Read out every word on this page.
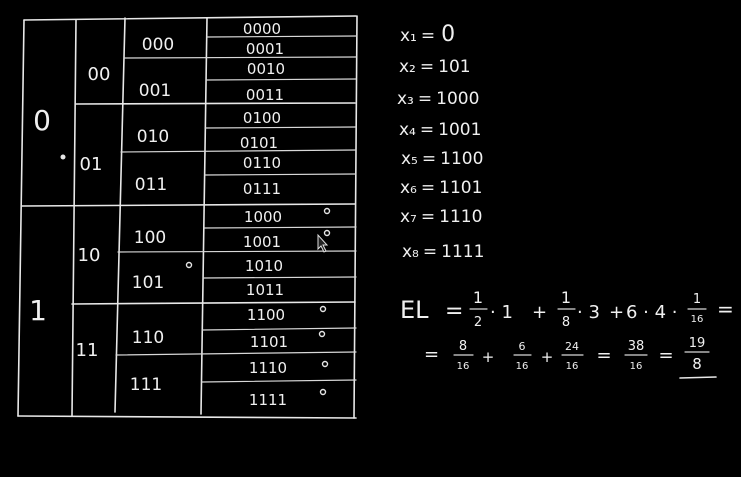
0
1
00
01
10
11
000
001
010
011
100
101
110
111
0000
0001
0010
0011
0100
0101
0110
0111
1000
1001
1010
1011
1100
1101
1110
1111
x₁ = 0
x₂ = 101
x₃ = 1000
x₄ = 1001
x₅ = 1100
x₆ = 1101
x₇ = 1110
x₈ = 1111
EL =
1
2 · 1 +
1
8 · 3 + 6 · 4 ·
1
16 =
= 8
16
+
6
16
+
24
16
= 38
16
=
19
8
